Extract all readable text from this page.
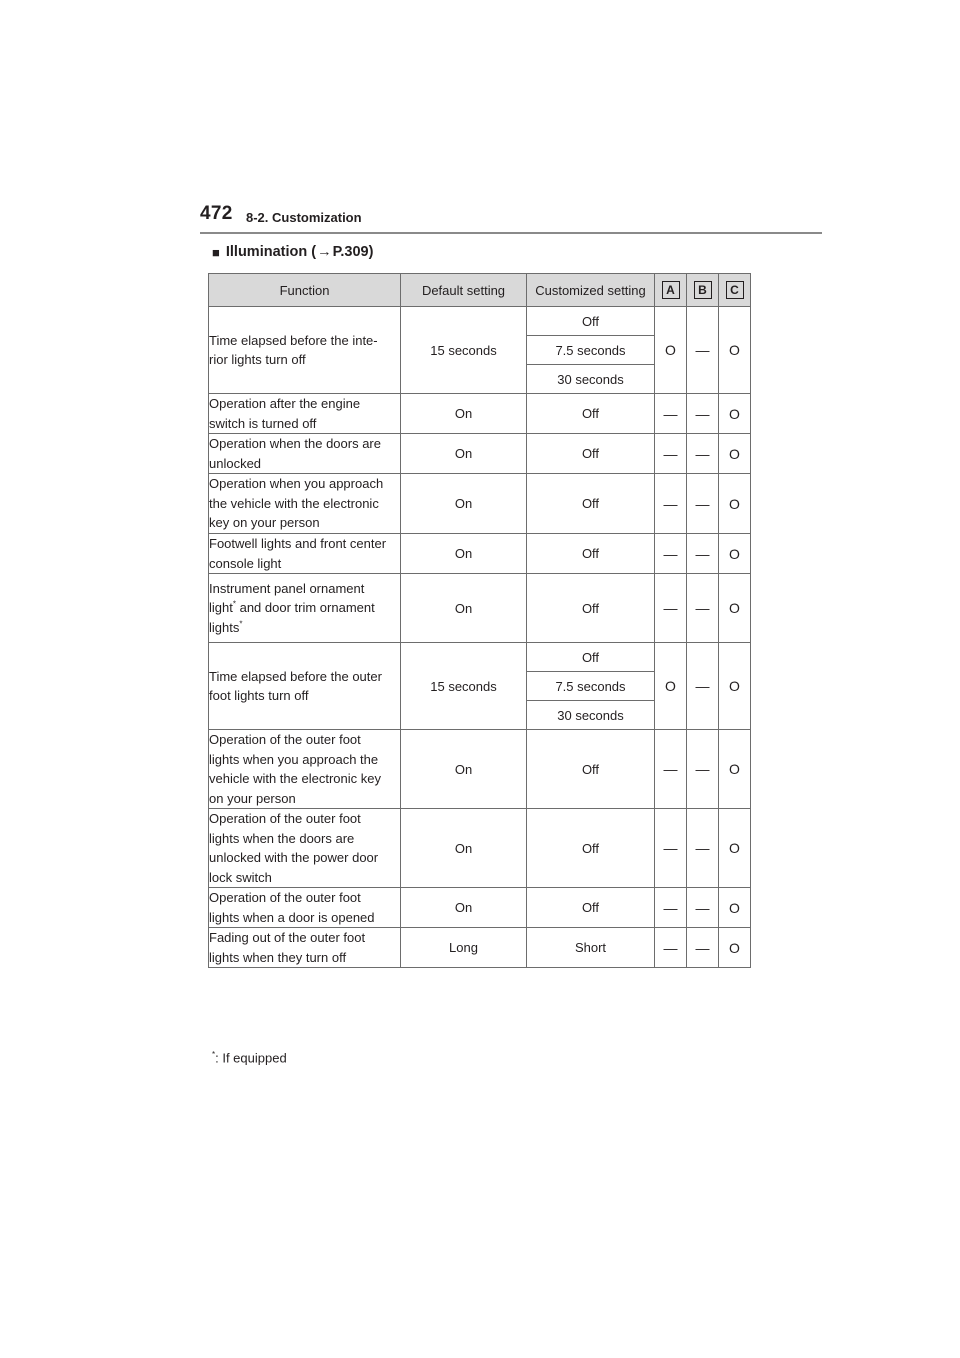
472 8-2. Customization
■ Illumination ( → P.309)
Function	Default setting	Customized setting	A	B	C
Time elapsed before the inte-
rior lights turn off	15 seconds	Off	O	—	O
		7.5 seconds			
		30 seconds			
Operation after the engine
switch is turned off	On	Off	—	—	O
Operation when the doors are
unlocked	On	Off	—	—	O
Operation when you approach
the vehicle with the electronic
key on your person	On	Off	—	—	O
Footwell lights and front center
console light	On	Off	—	—	O
Instrument panel ornament
light* and door trim ornament
lights*	On	Off	—	—	O
Time elapsed before the outer
foot lights turn off	15 seconds	Off	O	—	O
		7.5 seconds			
		30 seconds			
Operation of the outer foot
lights when you approach the
vehicle with the electronic key
on your person	On	Off	—	—	O
Operation of the outer foot
lights when the doors are
unlocked with the power door
lock switch	On	Off	—	—	O
Operation of the outer foot
lights when a door is opened	On	Off	—	—	O
Fading out of the outer foot
lights when they turn off	Long	Short	—	—	O
*: If equipped
